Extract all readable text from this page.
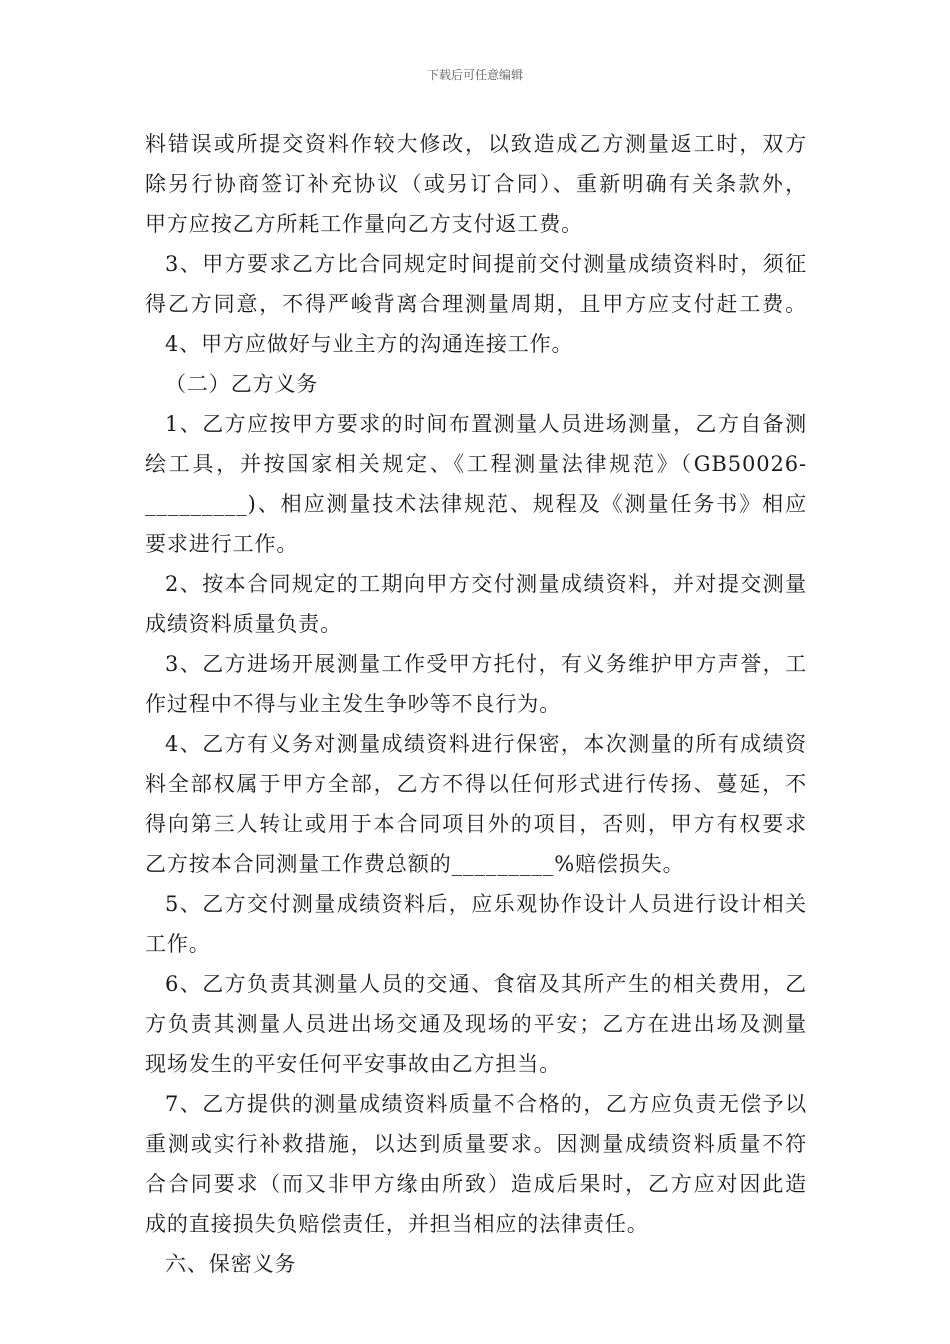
下载后可任意编辑
料错误或所提交资料作较大修改，以致造成乙方测量返工时，双方
除另行协商签订补充协议（或另订合同）、重新明确有关条款外，
甲方应按乙方所耗工作量向乙方支付返工费。
3、甲方要求乙方比合同规定时间提前交付测量成绩资料时，须征
得乙方同意，不得严峻背离合理测量周期，且甲方应支付赶工费。
4、甲方应做好与业主方的沟通连接工作。
（二）乙方义务
1、乙方应按甲方要求的时间布置测量人员进场测量，乙方自备测
绘工具，并按国家相关规定、《工程测量法律规范》（GB50026-
_________)、相应测量技术法律规范、规程及《测量任务书》相应
要求进行工作。
2、按本合同规定的工期向甲方交付测量成绩资料，并对提交测量
成绩资料质量负责。
3、乙方进场开展测量工作受甲方托付，有义务维护甲方声誉，工
作过程中不得与业主发生争吵等不良行为。
4、乙方有义务对测量成绩资料进行保密，本次测量的所有成绩资
料全部权属于甲方全部，乙方不得以任何形式进行传扬、蔓延，不
得向第三人转让或用于本合同项目外的项目，否则，甲方有权要求
乙方按本合同测量工作费总额的_________%赔偿损失。
5、乙方交付测量成绩资料后，应乐观协作设计人员进行设计相关
工作。
6、乙方负责其测量人员的交通、食宿及其所产生的相关费用，乙
方负责其测量人员进出场交通及现场的平安；乙方在进出场及测量
现场发生的平安任何平安事故由乙方担当。
7、乙方提供的测量成绩资料质量不合格的，乙方应负责无偿予以
重测或实行补救措施，以达到质量要求。因测量成绩资料质量不符
合合同要求（而又非甲方缘由所致）造成后果时，乙方应对因此造
成的直接损失负赔偿责任，并担当相应的法律责任。
六、保密义务
